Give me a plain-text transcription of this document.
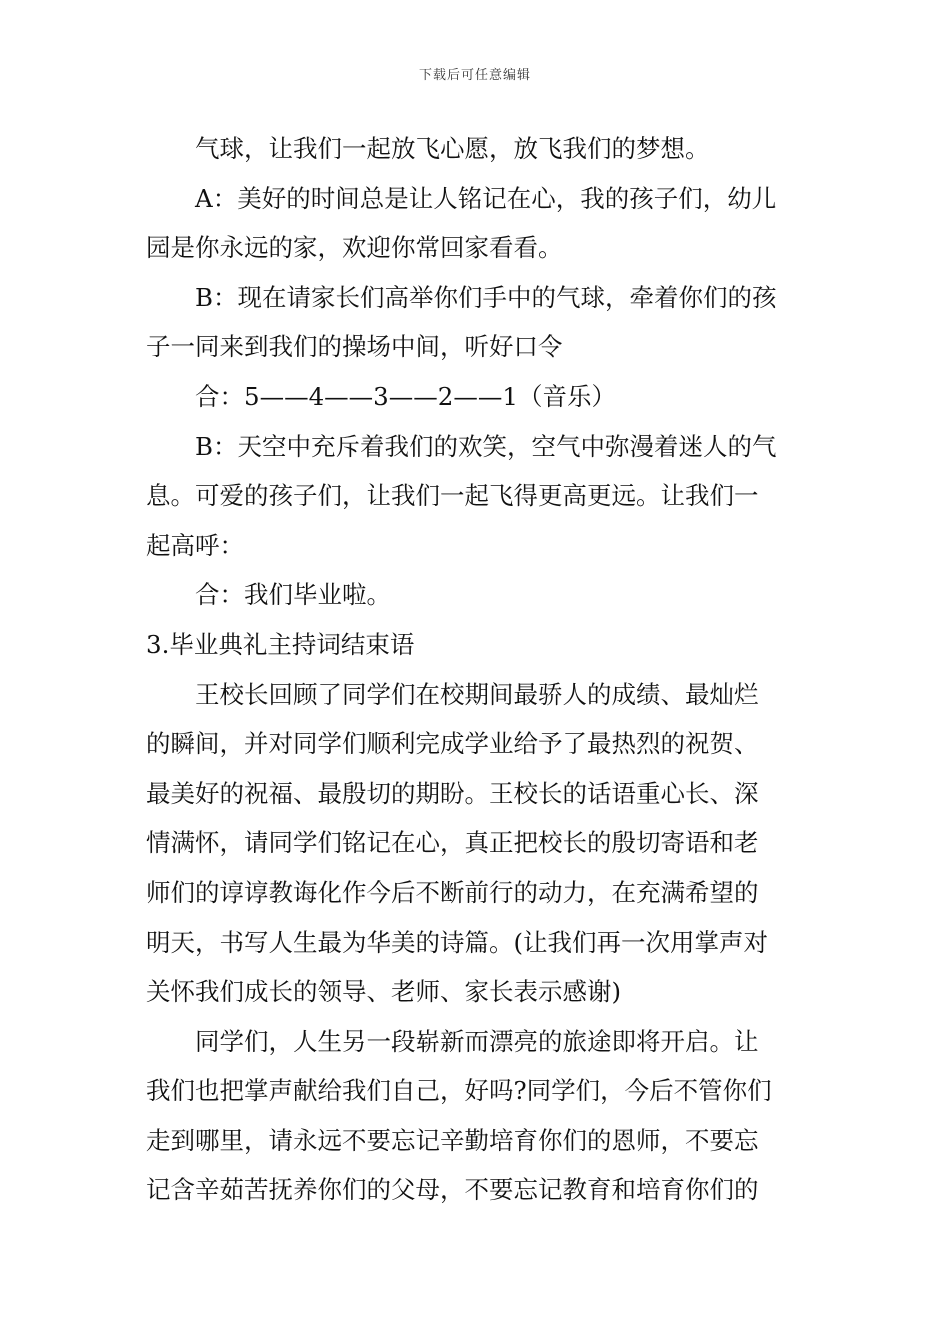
下载后可任意编辑
气球，让我们一起放飞心愿，放飞我们的梦想。
A：美好的时间总是让人铭记在心，我的孩子们，幼儿
园是你永远的家，欢迎你常回家看看。
B：现在请家长们高举你们手中的气球，牵着你们的孩
子一同来到我们的操场中间，听好口令
合：5——4——3——2——1（音乐）
B：天空中充斥着我们的欢笑，空气中弥漫着迷人的气
息。可爱的孩子们，让我们一起飞得更高更远。让我们一
起高呼：
合：我们毕业啦。
3.毕业典礼主持词结束语
王校长回顾了同学们在校期间最骄人的成绩、最灿烂
的瞬间，并对同学们顺利完成学业给予了最热烈的祝贺、
最美好的祝福、最殷切的期盼。王校长的话语重心长、深
情满怀，请同学们铭记在心，真正把校长的殷切寄语和老
师们的谆谆教诲化作今后不断前行的动力，在充满希望的
明天，书写人生最为华美的诗篇。(让我们再一次用掌声对
关怀我们成长的领导、老师、家长表示感谢)
同学们，人生另一段崭新而漂亮的旅途即将开启。让
我们也把掌声献给我们自己，好吗?同学们，今后不管你们
走到哪里，请永远不要忘记辛勤培育你们的恩师，不要忘
记含辛茹苦抚养你们的父母，不要忘记教育和培育你们的
